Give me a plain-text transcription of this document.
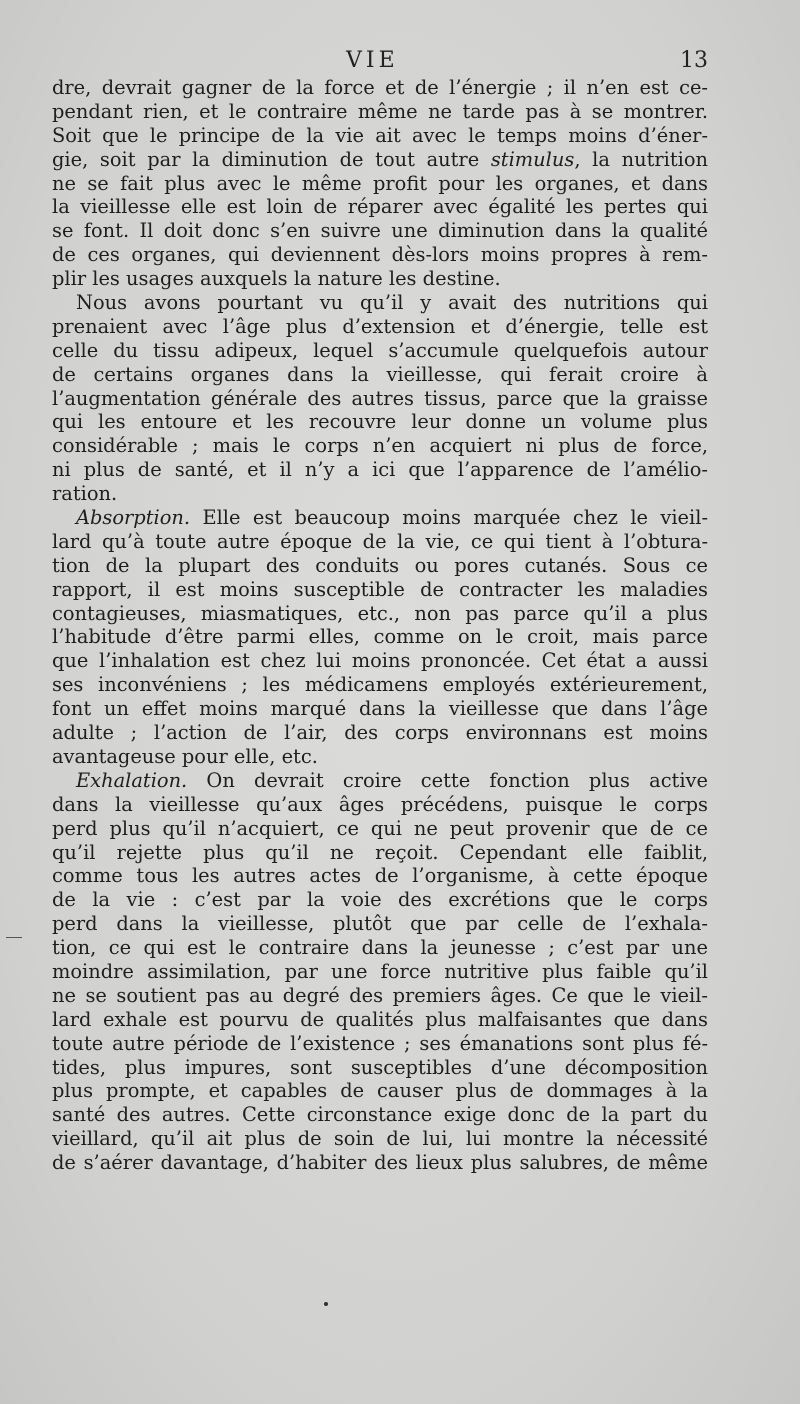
VIE	13
dre, devrait gagner de la force et de l’énergie ; il n’en est ce-
pendant rien, et le contraire même ne tarde pas à se montrer.
Soit que le principe de la vie ait avec le temps moins d’éner-
gie, soit par la diminution de tout autre stimulus, la nutrition
ne se fait plus avec le même profit pour les organes, et dans
la vieillesse elle est loin de réparer avec égalité les pertes qui
se font. Il doit donc s’en suivre une diminution dans la qualité
de ces organes, qui deviennent dès-lors moins propres à rem-
plir les usages auxquels la nature les destine.
Nous avons pourtant vu qu’il y avait des nutritions qui
prenaient avec l’âge plus d’extension et d’énergie, telle est
celle du tissu adipeux, lequel s’accumule quelquefois autour
de certains organes dans la vieillesse, qui ferait croire à
l’augmentation générale des autres tissus, parce que la graisse
qui les entoure et les recouvre leur donne un volume plus
considérable ; mais le corps n’en acquiert ni plus de force,
ni plus de santé, et il n’y a ici que l’apparence de l’amélio-
ration.
Absorption. Elle est beaucoup moins marquée chez le vieil-
lard qu’à toute autre époque de la vie, ce qui tient à l’obtura-
tion de la plupart des conduits ou pores cutanés. Sous ce
rapport, il est moins susceptible de contracter les maladies
contagieuses, miasmatiques, etc., non pas parce qu’il a plus
l’habitude d’être parmi elles, comme on le croit, mais parce
que l’inhalation est chez lui moins prononcée. Cet état a aussi
ses inconvéniens ; les médicamens employés extérieurement,
font un effet moins marqué dans la vieillesse que dans l’âge
adulte ; l’action de l’air, des corps environnans est moins
avantageuse pour elle, etc.
Exhalation. On devrait croire cette fonction plus active
dans la vieillesse qu’aux âges précédens, puisque le corps
perd plus qu’il n’acquiert, ce qui ne peut provenir que de ce
qu’il rejette plus qu’il ne reçoit. Cependant elle faiblit,
comme tous les autres actes de l’organisme, à cette époque
de la vie : c’est par la voie des excrétions que le corps
perd dans la vieillesse, plutôt que par celle de l’exhala-
tion, ce qui est le contraire dans la jeunesse ; c’est par une
moindre assimilation, par une force nutritive plus faible qu’il
ne se soutient pas au degré des premiers âges. Ce que le vieil-
lard exhale est pourvu de qualités plus malfaisantes que dans
toute autre période de l’existence ; ses émanations sont plus fé-
tides, plus impures, sont susceptibles d’une décomposition
plus prompte, et capables de causer plus de dommages à la
santé des autres. Cette circonstance exige donc de la part du
vieillard, qu’il ait plus de soin de lui, lui montre la nécessité
de s’aérer davantage, d’habiter des lieux plus salubres, de même
